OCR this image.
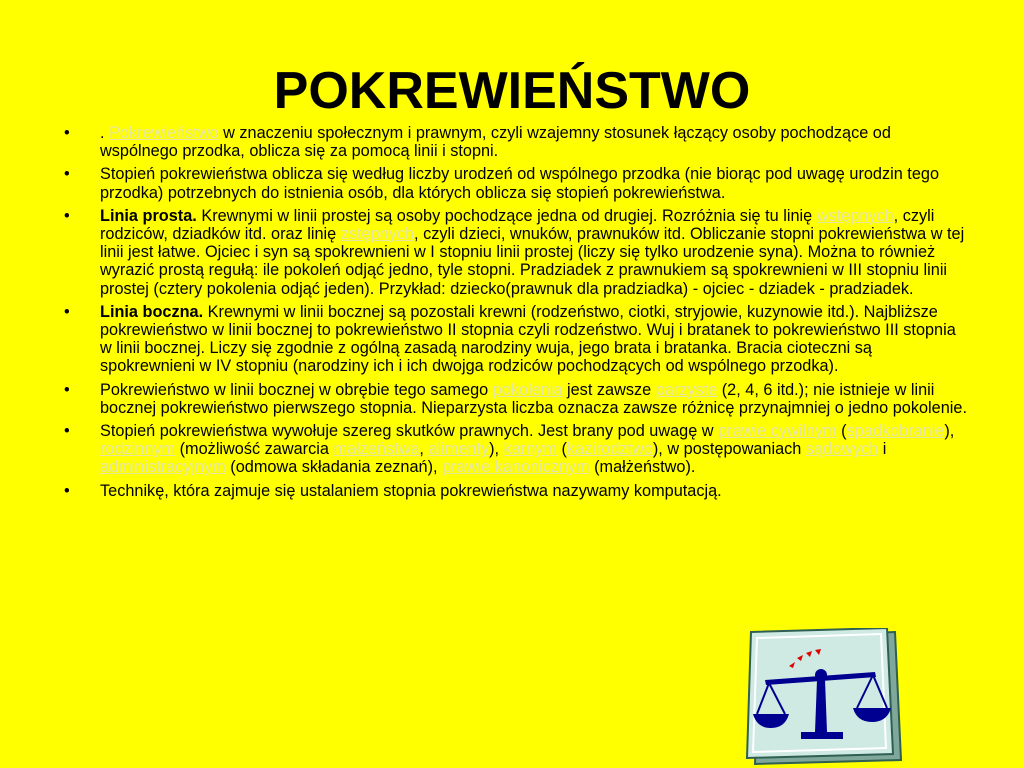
POKREWIEŃSTWO
• . Pokrewieństwo w znaczeniu społecznym i prawnym, czyli wzajemny stosunek łączący osoby pochodzące od wspólnego przodka, oblicza się za pomocą linii i stopni.
• Stopień pokrewieństwa oblicza się według liczby urodzeń od wspólnego przodka (nie biorąc pod uwagę urodzin tego przodka) potrzebnych do istnienia osób, dla których oblicza się stopień pokrewieństwa.
• Linia prosta. Krewnymi w linii prostej są osoby pochodzące jedna od drugiej. Rozróżnia się tu linię wstępnych, czyli rodziców, dziadków itd. oraz linię zstępnych, czyli dzieci, wnuków, prawnuków itd. Obliczanie stopni pokrewieństwa w tej linii jest łatwe. Ojciec i syn są spokrewnieni w I stopniu linii prostej (liczy się tylko urodzenie syna). Można to również wyrazić prostą regułą: ile pokoleń odjąć jedno, tyle stopni. Pradziadek z prawnukiem są spokrewnieni w III stopniu linii prostej (cztery pokolenia odjąć jeden). Przykład: dziecko(prawnuk dla pradziadka) - ojciec - dziadek - pradziadek.
• Linia boczna. Krewnymi w linii bocznej są pozostali krewni (rodzeństwo, ciotki, stryjowie, kuzynowie itd.). Najbliższe pokrewieństwo w linii bocznej to pokrewieństwo II stopnia czyli rodzeństwo. Wuj i bratanek to pokrewieństwo III stopnia w linii bocznej. Liczy się zgodnie z ogólną zasadą narodziny wuja, jego brata i bratanka. Bracia cioteczni są spokrewnieni w IV stopniu (narodziny ich i ich dwojga rodziców pochodzących od wspólnego przodka).
• Pokrewieństwo w linii bocznej w obrębie tego samego pokolenia jest zawsze parzyste (2, 4, 6 itd.); nie istnieje w linii bocznej pokrewieństwo pierwszego stopnia. Nieparzysta liczba oznacza zawsze różnicę przynajmniej o jedno pokolenie.
• Stopień pokrewieństwa wywołuje szereg skutków prawnych. Jest brany pod uwagę w prawie cywilnym (spadkobranie), rodzinnym (możliwość zawarcia małżeństwa, alimenty), karnym (kazirodztwo), w postępowaniach sądowych i administracyjnym (odmowa składania zeznań), prawie kanonicznym (małżeństwo).
• Technikę, która zajmuje się ustalaniem stopnia pokrewieństwa nazywamy komputacją.
